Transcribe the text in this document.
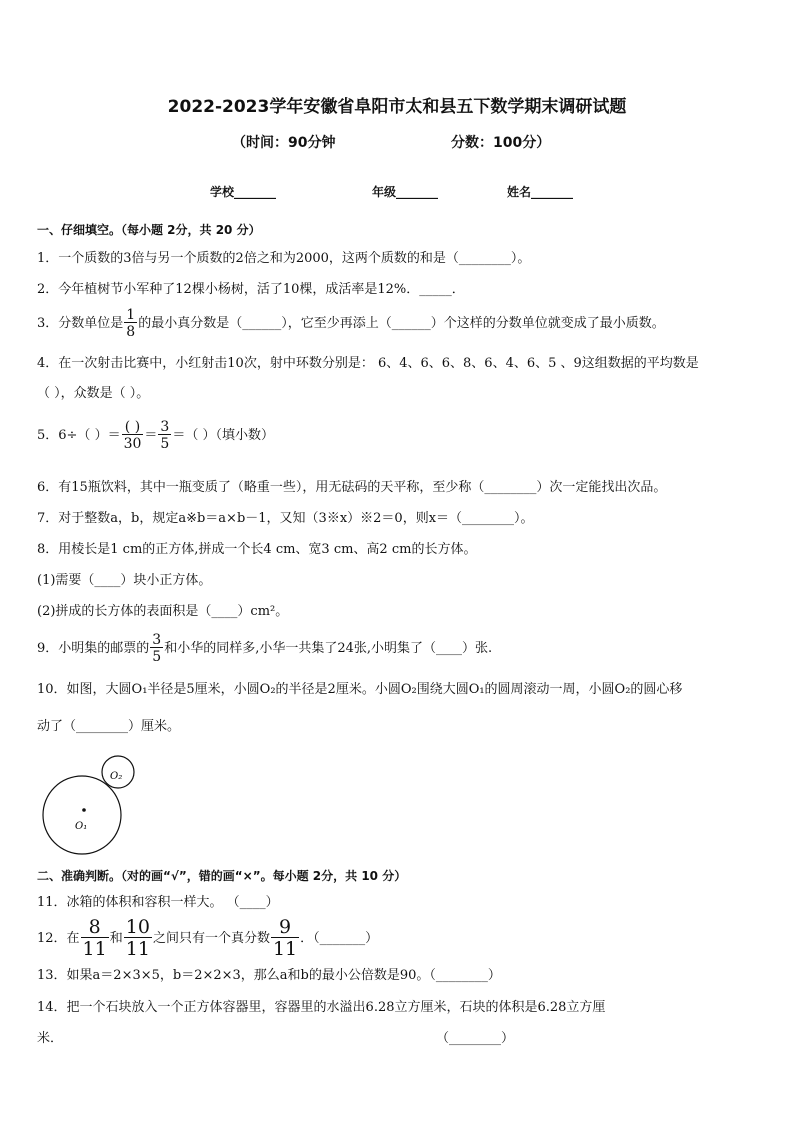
2022-2023学年安徽省阜阳市太和县五下数学期末调研试题
（时间：90分钟	分数：100分）
学校_______	年级_______	姓名_______
一、仔细填空。（每小题 2分，共 20 分）
1．一个质数的3倍与另一个质数的2倍之和为2000，这两个质数的和是（________）。
2．今年植树节小军种了12棵小杨树，活了10棵，成活率是12%．_____．
3．分数单位是 $\frac{1}{8}$ 的最小真分数是（______），它至少再添上（______）个这样的分数单位就变成了最小质数。
4．在一次射击比赛中，小红射击10次，射中环数分别是： 6、4、6、6、8、6、4、6、5 、9这组数据的平均数是
（ ），众数是（ ）。
5．6÷（ ）＝ $\frac{( )}{30} = \frac{3}{5}$ ＝（ ）（填小数）
6．有15瓶饮料，其中一瓶变质了（略重一些），用无砝码的天平称，至少称（________）次一定能找出次品。
7．对于整数a，b，规定a※b＝a×b－1，又知（3※x）※2＝0，则x＝（________）。
8．用棱长是1 cm的正方体,拼成一个长4 cm、宽3 cm、高2 cm的长方体。
(1)需要（____）块小正方体。
(2)拼成的长方体的表面积是（____）cm²。
9．小明集的邮票的 $\frac{3}{5}$ 和小华的同样多,小华一共集了24张,小明集了（____）张.
10．如图，大圆O₁半径是5厘米，小圆O₂的半径是2厘米。小圆O₂围绕大圆O₁的圆周滚动一周，小圆O₂的圆心移
动了（________）厘米。
O₁
O₂
二、准确判断。（对的画“√”，错的画“×”。每小题 2分，共 10 分）
11．冰箱的体积和容积一样大。 （____）
12．在 $\frac{8}{11}$ 和 $\frac{10}{11}$ 之间只有一个真分数 $\frac{9}{11}$ ．（_______）
13．如果a＝2×3×5，b＝2×2×3，那么a和b的最小公倍数是90。（________）
14．把一个石块放入一个正方体容器里，容器里的水溢出6.28立方厘米，石块的体积是6.28立方厘
米．	（________）
